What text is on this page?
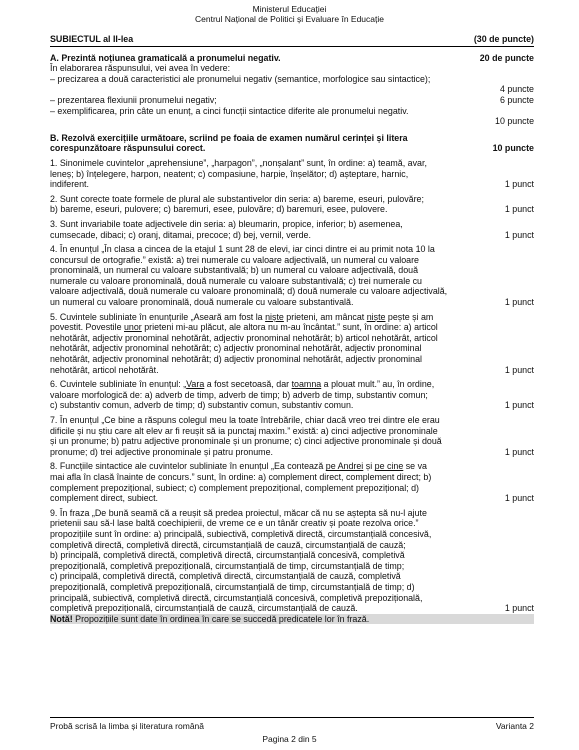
Ministerul Educației
Centrul Național de Politici și Evaluare în Educație
SUBIECTUL al II-lea	(30 de puncte)
A. Prezintă noțiunea gramaticală a pronumelui negativ.	20 de puncte
În elaborarea răspunsului, vei avea în vedere:
– precizarea a două caracteristici ale pronumelui negativ (semantice, morfologice sau sintactice);
4 puncte
– prezentarea flexiunii pronumelui negativ;	6 puncte
– exemplificarea, prin câte un enunț, a cinci funcții sintactice diferite ale pronumelui negativ.
10 puncte
B. Rezolvă exercițiile următoare, scriind pe foaia de examen numărul cerinței și litera
corespunzătoare răspunsului corect.	10 puncte
1. Sinonimele cuvintelor „aprehensiune”, „harpagon”, „nonșalant” sunt, în ordine: a) teamă, avar,
leneș; b) înțelegere, harpon, neatent; c) compasiune, harpie, înșelător; d) așteptare, harnic,
indiferent.	1 punct
2. Sunt corecte toate formele de plural ale substantivelor din seria: a) bareme, eseuri, pulovăre;
b) bareme, eseuri, pulovere; c) baremuri, esee, pulovăre; d) baremuri, esee, pulovere.	1 punct
3. Sunt invariabile toate adjectivele din seria: a) bleumarin, propice, inferior; b) asemenea,
cumsecade, dibaci; c) oranj, ditamai, precoce; d) bej, vernil, verde.	1 punct
4. În enunțul „În clasa a cincea de la etajul 1 sunt 28 de elevi, iar cinci dintre ei au primit nota 10 la
concursul de ortografie.” există: a) trei numerale cu valoare adjectivală, un numeral cu valoare
pronominală, un numeral cu valoare substantivală; b) un numeral cu valoare adjectivală, două
numerale cu valoare pronominală, două numerale cu valoare substantivală; c) trei numerale cu
valoare adjectivală, două numerale cu valoare pronominală; d) două numerale cu valoare adjectivală,
un numeral cu valoare pronominală, două numerale cu valoare substantivală.	1 punct
5. Cuvintele subliniate în enunțurile „Aseară am fost la niște prieteni, am mâncat niște pește și am
povestit. Povestile unor prieteni mi-au plăcut, ale altora nu m-au încântat.” sunt, în ordine: a) articol
nehotărât, adjectiv pronominal nehotărât, adjectiv pronominal nehotărât; b) articol nehotărât, articol
nehotărât, adjectiv pronominal nehotărât; c) adjectiv pronominal nehotărât, adjectiv pronominal
nehotărât, adjectiv pronominal nehotărât; d) adjectiv pronominal nehotărât, adjectiv pronominal
nehotărât, articol nehotărât.	1 punct
6. Cuvintele subliniate în enunțul: „Vara a fost secetoasă, dar toamna a plouat mult.” au, în ordine,
valoare morfologică de: a) adverb de timp, adverb de timp; b) adverb de timp, substantiv comun;
c) substantiv comun, adverb de timp; d) substantiv comun, substantiv comun.	1 punct
7. În enunțul „Ce bine a răspuns colegul meu la toate întrebările, chiar dacă vreo trei dintre ele erau
dificile și nu știu care alt elev ar fi reușit să ia punctaj maxim.” există: a) cinci adjective pronominale
și un pronume; b) patru adjective pronominale și un pronume; c) cinci adjective pronominale și două
pronume; d) trei adjective pronominale și patru pronume.	1 punct
8. Funcțiile sintactice ale cuvintelor subliniate în enunțul „Ea contează pe Andrei și pe cine se va
mai afla în clasă înainte de concurs.” sunt, în ordine: a) complement direct, complement direct; b)
complement prepozițional, subiect; c) complement prepozițional, complement prepozițional; d)
complement direct, subiect.	1 punct
9. În fraza „De bună seamă că a reușit să predea proiectul, măcar că nu se aștepta să nu-l ajute
prietenii sau să-l lase baltă coechipierii, de vreme ce e un tânăr creativ și poate rezolva orice.”
propozițiile sunt în ordine: a) principală, subiectivă, completivă directă, circumstanțială concesivă,
completivă directă, completivă directă, circumstanțială de cauză, circumstanțială de cauză;
b) principală, completivă directă, completivă directă, circumstanțială concesivă, completivă
prepozițională, completivă prepozițională, circumstanțială de timp, circumstanțială de timp;
c) principală, completivă directă, completivă directă, circumstanțială de cauză, completivă
prepozițională, completivă prepozițională, circumstanțială de timp, circumstanțială de timp; d)
principală, subiectivă, completivă directă, circumstanțială concesivă, completivă prepozițională,
completivă prepozițională, circumstanțială de cauză, circumstanțială de cauză.	1 punct
Notă! Propozițiile sunt date în ordinea în care se succedă predicatele lor în frază.
Probă scrisă la limba și literatura română	Varianta 2
Pagina 2 din 5
